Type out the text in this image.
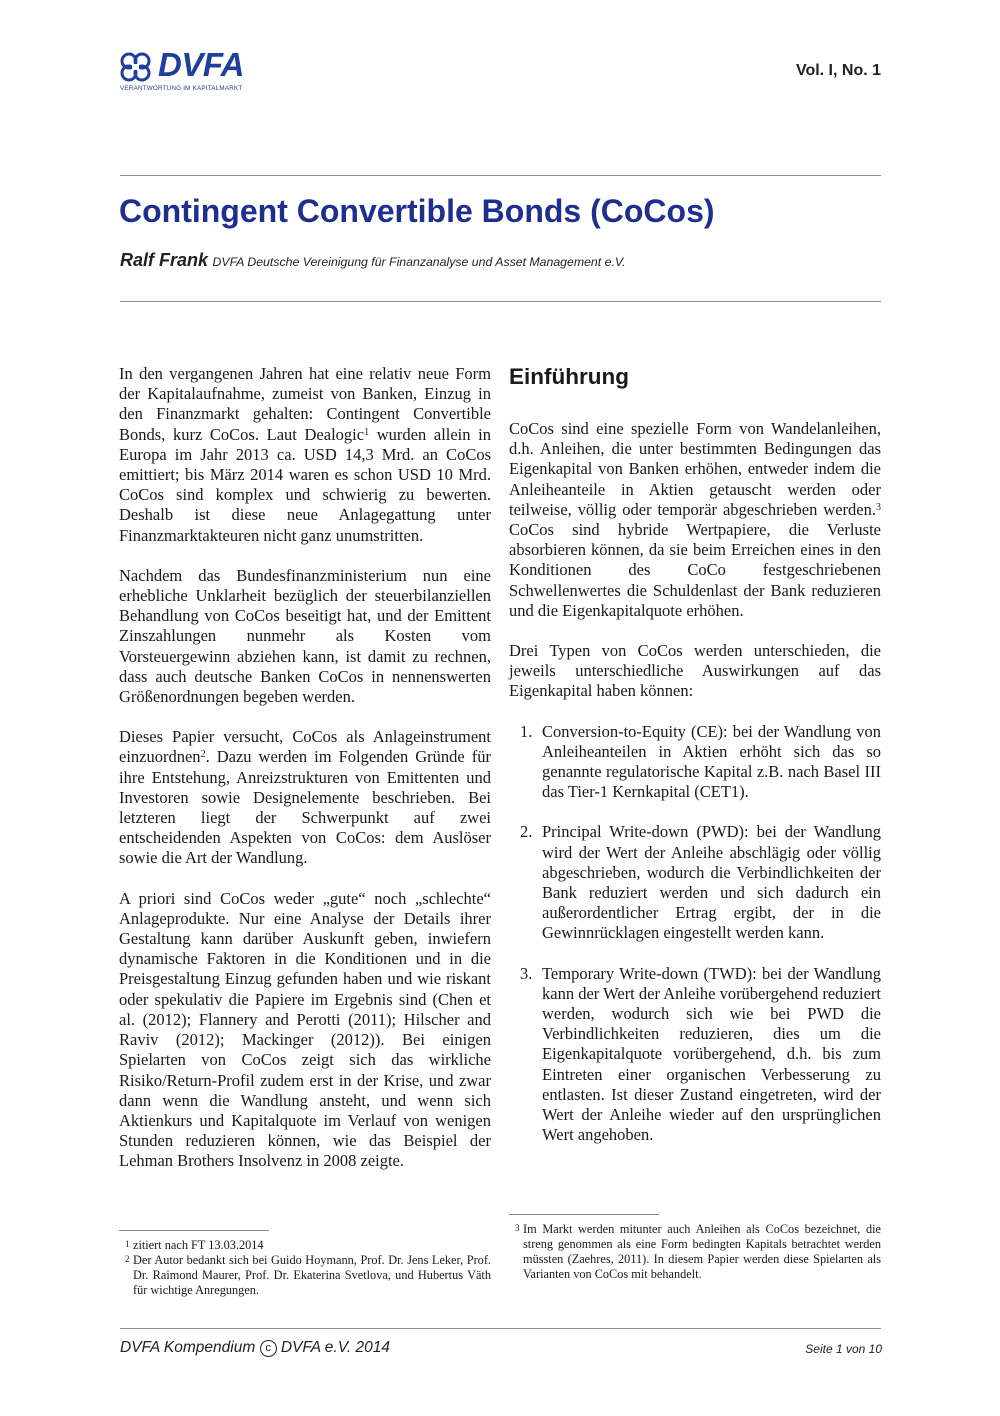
DVFA
VERANTWORTUNG IM KAPITALMARKT
Vol. I, No. 1
Contingent Convertible Bonds (CoCos)
Ralf Frank DVFA Deutsche Vereinigung für Finanzanalyse und Asset Management e.V.

In den vergangenen Jahren hat eine relativ neue Form der Kapitalaufnahme, zumeist von Banken, Einzug in den Finanzmarkt gehalten: Contingent Convertible Bonds, kurz CoCos. Laut Dealogic$^1$ wurden allein in Europa im Jahr 2013 ca. USD 14,3 Mrd. an CoCos emittiert; bis März 2014 waren es schon USD 10 Mrd. CoCos sind komplex und schwierig zu bewerten. Deshalb ist diese neue Anlagegattung unter Finanzmarktakteuren nicht ganz unumstritten.

Nachdem das Bundesfinanzministerium nun eine erhebliche Unklarheit bezüglich der steuerbilanziellen Behandlung von CoCos beseitigt hat, und der Emittent Zinszahlungen nunmehr als Kosten vom Vorsteuergewinn abziehen kann, ist damit zu rechnen, dass auch deutsche Banken CoCos in nennenswerten Größenordnungen begeben werden.

Dieses Papier versucht, CoCos als Anlageinstrument einzuordnen$^2$. Dazu werden im Folgenden Gründe für ihre Entstehung, Anreizstrukturen von Emittenten und Investoren sowie Designelemente beschrieben. Bei letzteren liegt der Schwerpunkt auf zwei entscheidenden Aspekten von CoCos: dem Auslöser sowie die Art der Wandlung.

A priori sind CoCos weder „gute“ noch „schlechte“ Anlageprodukte. Nur eine Analyse der Details ihrer Gestaltung kann darüber Auskunft geben, inwiefern dynamische Faktoren in die Konditionen und in die Preisgestaltung Einzug gefunden haben und wie riskant oder spekulativ die Papiere im Ergebnis sind (Chen et al. (2012); Flannery and Perotti (2011); Hilscher and Raviv (2012); Mackinger (2012)). Bei einigen Spielarten von CoCos zeigt sich das wirkliche Risiko/Return-Profil zudem erst in der Krise, und zwar dann wenn die Wandlung ansteht, und wenn sich Aktienkurs und Kapitalquote im Verlauf von wenigen Stunden reduzieren können, wie das Beispiel der Lehman Brothers Insolvenz in 2008 zeigte.

Einführung

CoCos sind eine spezielle Form von Wandelanleihen, d.h. Anleihen, die unter bestimmten Bedingungen das Eigenkapital von Banken erhöhen, entweder indem die Anleiheanteile in Aktien getauscht werden oder teilweise, völlig oder temporär abgeschrieben werden.$^3$ CoCos sind hybride Wertpapiere, die Verluste absorbieren können, da sie beim Erreichen eines in den Konditionen des CoCo festgeschriebenen Schwellenwertes die Schuldenlast der Bank reduzieren und die Eigenkapitalquote erhöhen.

Drei Typen von CoCos werden unterschieden, die jeweils unterschiedliche Auswirkungen auf das Eigenkapital haben können:

1. Conversion-to-Equity (CE): bei der Wandlung von Anleiheanteilen in Aktien erhöht sich das so genannte regulatorische Kapital z.B. nach Basel III das Tier-1 Kernkapital (CET1).
2. Principal Write-down (PWD): bei der Wandlung wird der Wert der Anleihe abschlägig oder völlig abgeschrieben, wodurch die Verbindlichkeiten der Bank reduziert werden und sich dadurch ein außerordentlicher Ertrag ergibt, der in die Gewinnrücklagen eingestellt werden kann.
3. Temporary Write-down (TWD): bei der Wandlung kann der Wert der Anleihe vorübergehend reduziert werden, wodurch sich wie bei PWD die Verbindlichkeiten reduzieren, dies um die Eigenkapitalquote vorübergehend, d.h. bis zum Eintreten einer organischen Verbesserung zu entlasten. Ist dieser Zustand eingetreten, wird der Wert der Anleihe wieder auf den ursprünglichen Wert angehoben.
1 zitiert nach FT 13.03.2014
2 Der Autor bedankt sich bei Guido Hoymann, Prof. Dr. Jens Leker, Prof. Dr. Raimond Maurer, Prof. Dr. Ekaterina Svetlova, und Hubertus Väth für wichtige Anregungen.
3 Im Markt werden mitunter auch Anleihen als CoCos bezeichnet, die streng genommen als eine Form bedingten Kapitals betrachtet werden müssten (Zaehres, 2011). In diesem Papier werden diese Spielarten als Varianten von CoCos mit behandelt.
DVFA Kompendium c DVFA e.V. 2014	Seite 1 von 10
